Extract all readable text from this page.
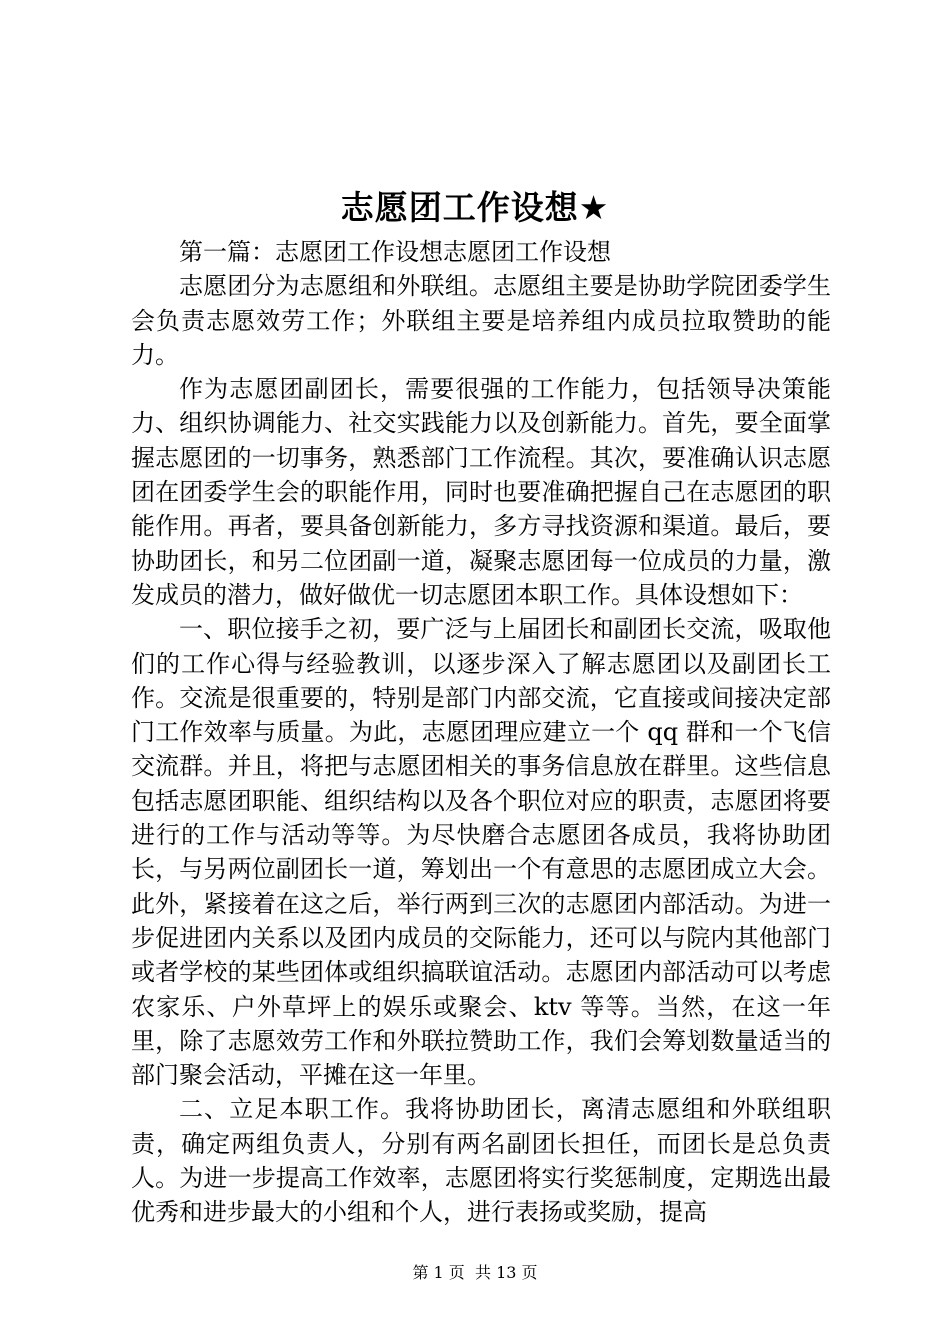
志愿团工作设想★

第一篇：志愿团工作设想志愿团工作设想

志愿团分为志愿组和外联组。志愿组主要是协助学院团委学生会负责志愿效劳工作；外联组主要是培养组内成员拉取赞助的能力。

作为志愿团副团长，需要很强的工作能力，包括领导决策能力、组织协调能力、社交实践能力以及创新能力。首先，要全面掌握志愿团的一切事务，熟悉部门工作流程。其次，要准确认识志愿团在团委学生会的职能作用，同时也要准确把握自己在志愿团的职能作用。再者，要具备创新能力，多方寻找资源和渠道。最后，要协助团长，和另二位团副一道，凝聚志愿团每一位成员的力量，激发成员的潜力，做好做优一切志愿团本职工作。具体设想如下：

一、职位接手之初，要广泛与上届团长和副团长交流，吸取他们的工作心得与经验教训，以逐步深入了解志愿团以及副团长工作。交流是很重要的，特别是部门内部交流，它直接或间接决定部门工作效率与质量。为此，志愿团理应建立一个 qq 群和一个飞信交流群。并且，将把与志愿团相关的事务信息放在群里。这些信息包括志愿团职能、组织结构以及各个职位对应的职责，志愿团将要进行的工作与活动等等。为尽快磨合志愿团各成员，我将协助团长，与另两位副团长一道，筹划出一个有意思的志愿团成立大会。此外，紧接着在这之后，举行两到三次的志愿团内部活动。为进一步促进团内关系以及团内成员的交际能力，还可以与院内其他部门或者学校的某些团体或组织搞联谊活动。志愿团内部活动可以考虑农家乐、户外草坪上的娱乐或聚会、ktv 等等。当然，在这一年里，除了志愿效劳工作和外联拉赞助工作，我们会筹划数量适当的部门聚会活动，平摊在这一年里。

二、立足本职工作。我将协助团长，离清志愿组和外联组职责，确定两组负责人，分别有两名副团长担任，而团长是总负责人。为进一步提高工作效率，志愿团将实行奖惩制度，定期选出最优秀和进步最大的小组和个人，进行表扬或奖励，提高

第 1 页 共 13 页
